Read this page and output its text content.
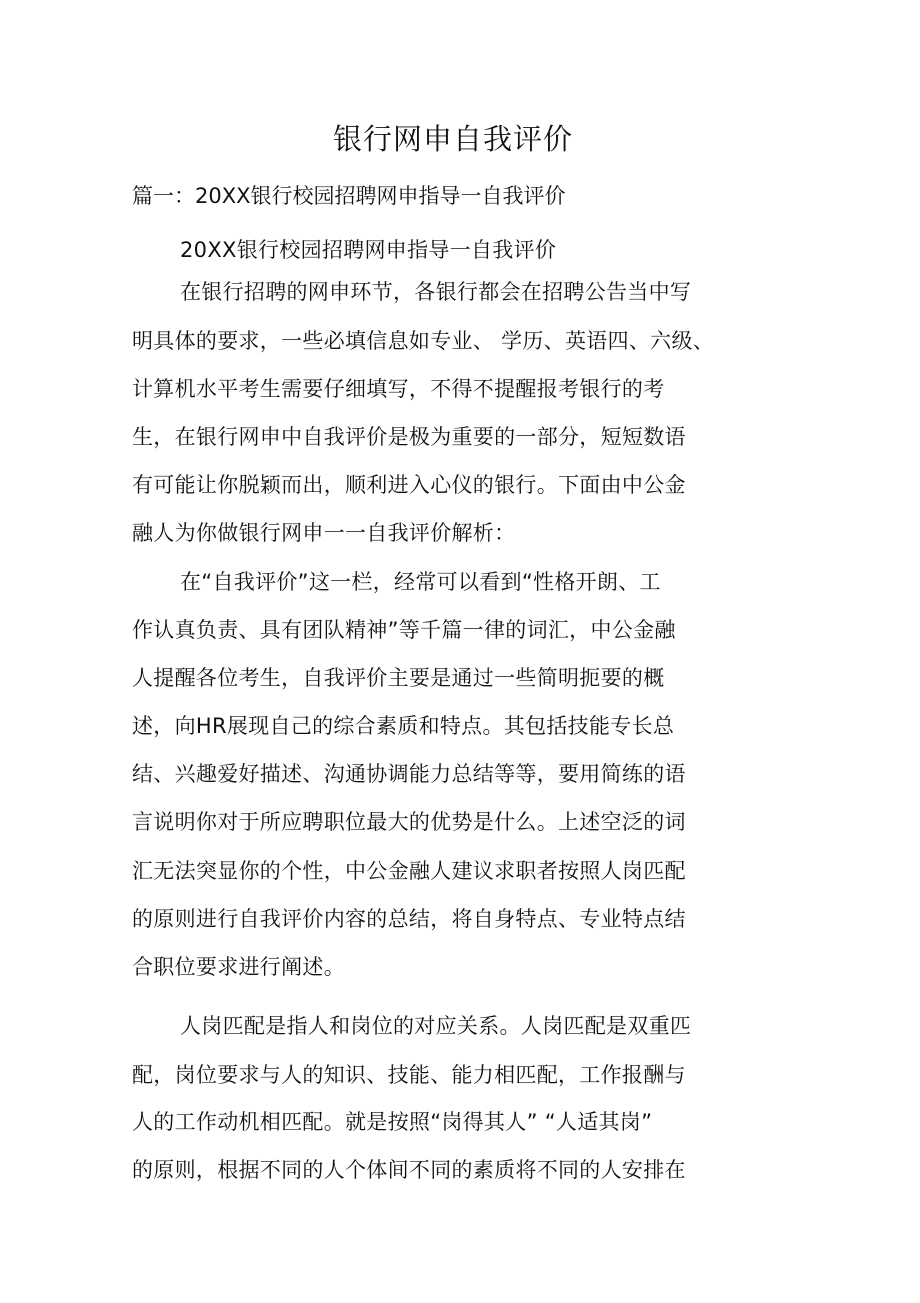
银行网申自我评价
篇一：20XX银行校园招聘网申指导一自我评价

20XX银行校园招聘网申指导一自我评价

在银行招聘的网申环节，各银行都会在招聘公告当中写

明具体的要求，一些必填信息如专业、 学历、英语四、六级、

计算机水平考生需要仔细填写，不得不提醒报考银行的考

生，在银行网申中自我评价是极为重要的一部分，短短数语

有可能让你脱颖而出，顺利进入心仪的银行。下面由中公金

融人为你做银行网申一一自我评价解析：

在“自我评价”这一栏，经常可以看到“性格开朗、工

作认真负责、具有团队精神”等千篇一律的词汇，中公金融

人提醒各位考生，自我评价主要是通过一些简明扼要的概

述，向HR展现自己的综合素质和特点。其包括技能专长总

结、兴趣爱好描述、沟通协调能力总结等等，要用简练的语

言说明你对于所应聘职位最大的优势是什么。上述空泛的词

汇无法突显你的个性，中公金融人建议求职者按照人岗匹配

的原则进行自我评价内容的总结，将自身特点、专业特点结

合职位要求进行阐述。

人岗匹配是指人和岗位的对应关系。人岗匹配是双重匹

配，岗位要求与人的知识、技能、能力相匹配，工作报酬与

人的工作动机相匹配。就是按照“岗得其人” “人适其岗”

的原则，根据不同的人个体间不同的素质将不同的人安排在
